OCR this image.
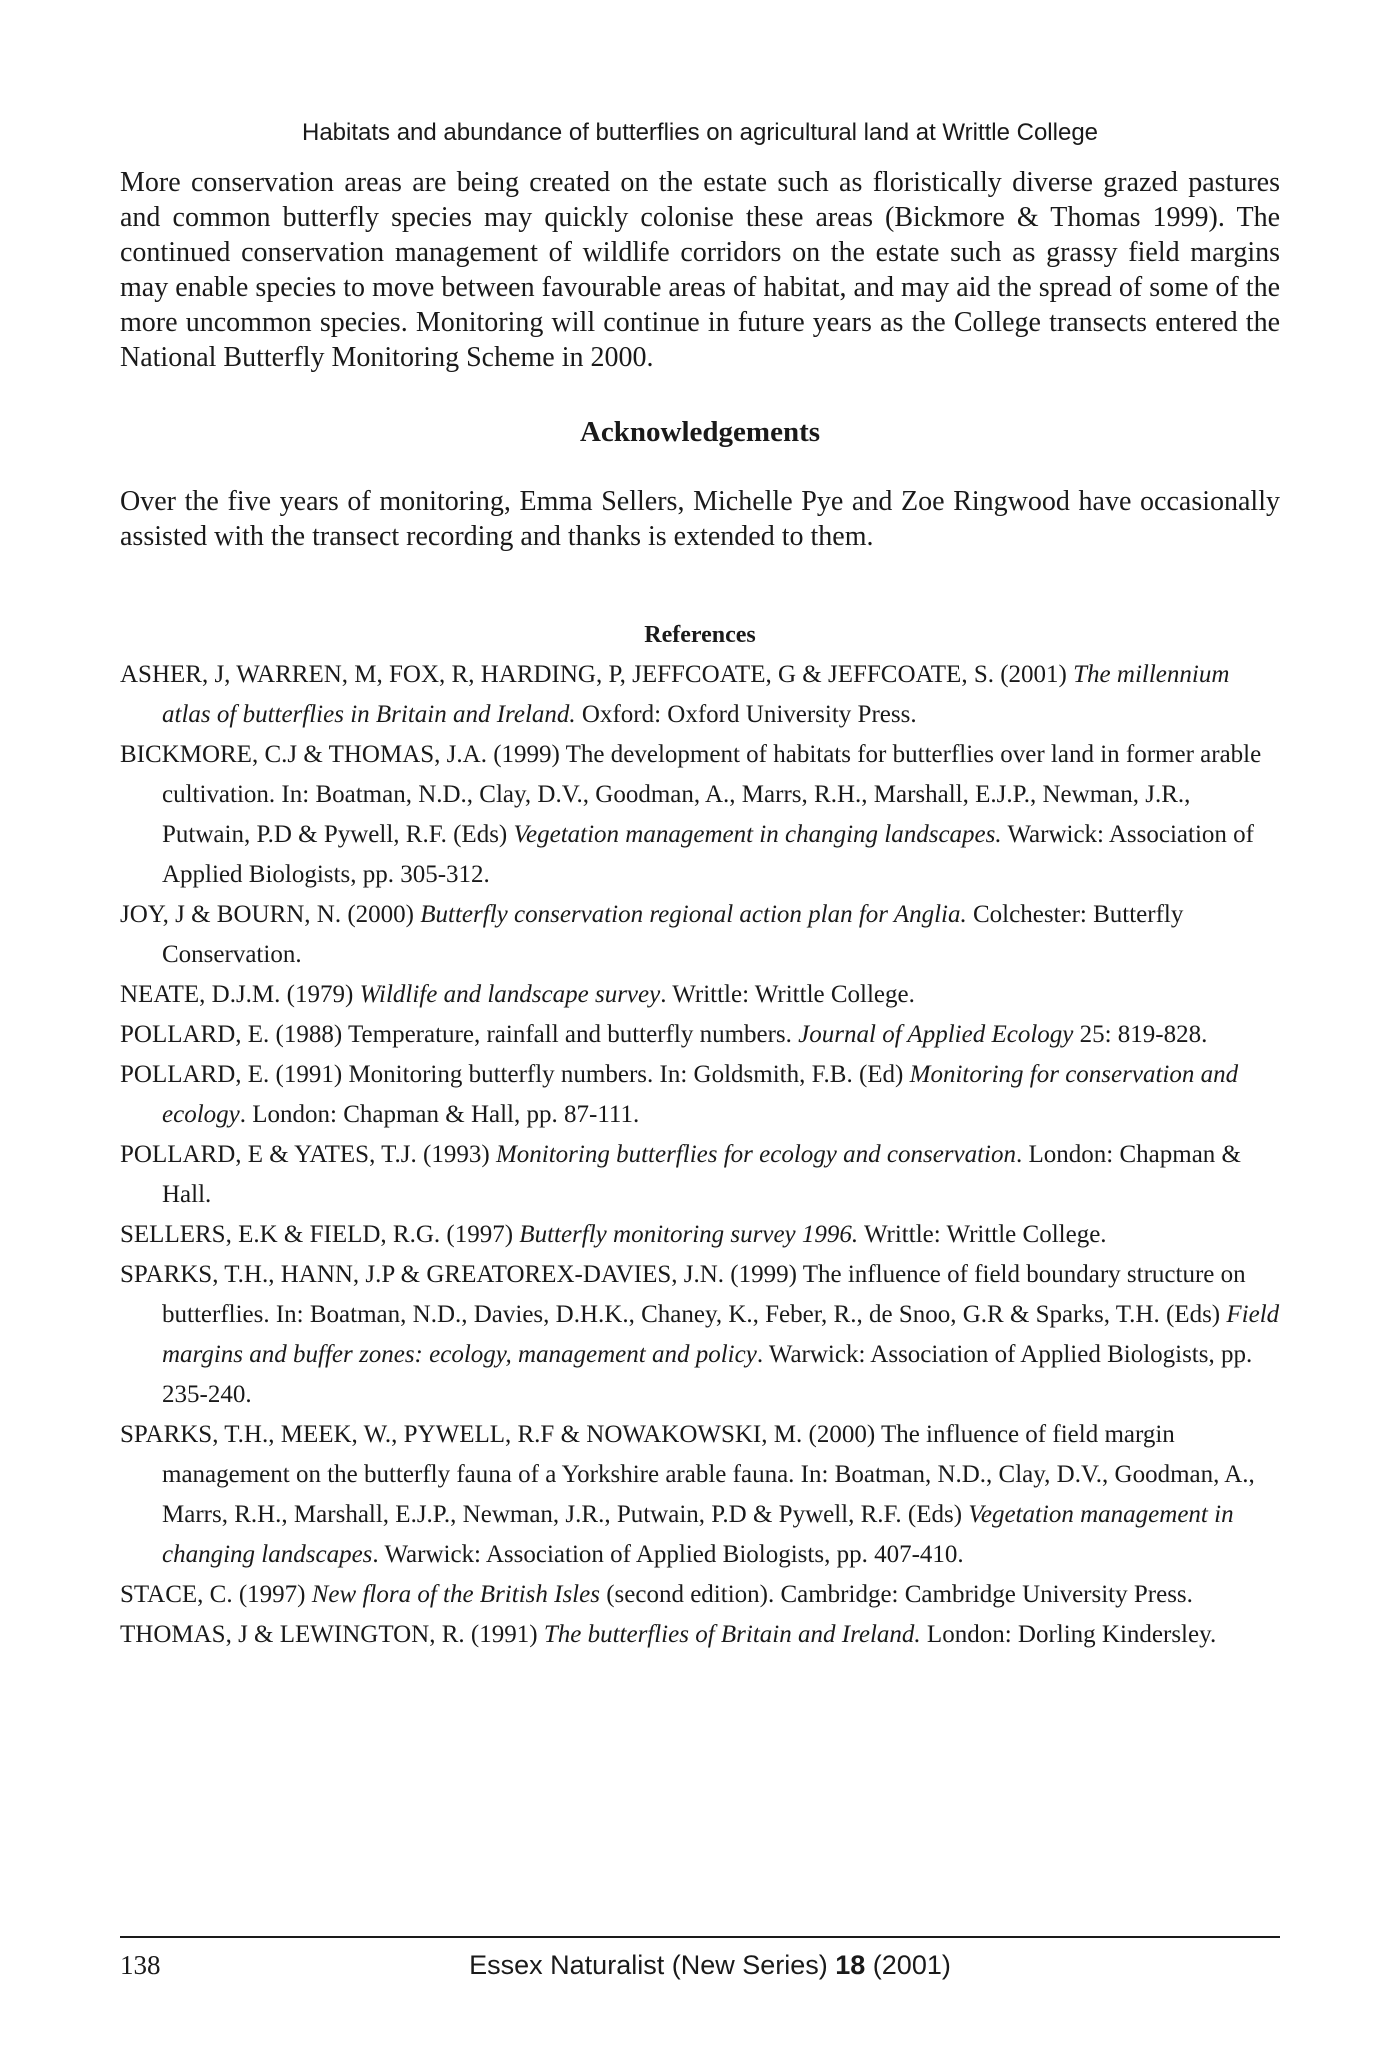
Habitats and abundance of butterflies on agricultural land at Writtle College

More conservation areas are being created on the estate such as floristically diverse grazed pastures and common butterfly species may quickly colonise these areas (Bickmore & Thomas 1999). The continued conservation management of wildlife corridors on the estate such as grassy field margins may enable species to move between favourable areas of habitat, and may aid the spread of some of the more uncommon species. Monitoring will continue in future years as the College transects entered the National Butterfly Monitoring Scheme in 2000.

Acknowledgements

Over the five years of monitoring, Emma Sellers, Michelle Pye and Zoe Ringwood have occasionally assisted with the transect recording and thanks is extended to them.

References
ASHER, J, WARREN, M, FOX, R, HARDING, P, JEFFCOATE, G & JEFFCOATE, S. (2001) The millennium atlas of butterflies in Britain and Ireland. Oxford: Oxford University Press.
BICKMORE, C.J & THOMAS, J.A. (1999) The development of habitats for butterflies over land in former arable cultivation. In: Boatman, N.D., Clay, D.V., Goodman, A., Marrs, R.H., Marshall, E.J.P., Newman, J.R., Putwain, P.D & Pywell, R.F. (Eds) Vegetation management in changing landscapes. Warwick: Association of Applied Biologists, pp. 305-312.
JOY, J & BOURN, N. (2000) Butterfly conservation regional action plan for Anglia. Colchester: Butterfly Conservation.
NEATE, D.J.M. (1979) Wildlife and landscape survey. Writtle: Writtle College.
POLLARD, E. (1988) Temperature, rainfall and butterfly numbers. Journal of Applied Ecology 25: 819-828.
POLLARD, E. (1991) Monitoring butterfly numbers. In: Goldsmith, F.B. (Ed) Monitoring for conservation and ecology. London: Chapman & Hall, pp. 87-111.
POLLARD, E & YATES, T.J. (1993) Monitoring butterflies for ecology and conservation. London: Chapman & Hall.
SELLERS, E.K & FIELD, R.G. (1997) Butterfly monitoring survey 1996. Writtle: Writtle College.
SPARKS, T.H., HANN, J.P & GREATOREX-DAVIES, J.N. (1999) The influence of field boundary structure on butterflies. In: Boatman, N.D., Davies, D.H.K., Chaney, K., Feber, R., de Snoo, G.R & Sparks, T.H. (Eds) Field margins and buffer zones: ecology, management and policy. Warwick: Association of Applied Biologists, pp. 235-240.
SPARKS, T.H., MEEK, W., PYWELL, R.F & NOWAKOWSKI, M. (2000) The influence of field margin management on the butterfly fauna of a Yorkshire arable fauna. In: Boatman, N.D., Clay, D.V., Goodman, A., Marrs, R.H., Marshall, E.J.P., Newman, J.R., Putwain, P.D & Pywell, R.F. (Eds) Vegetation management in changing landscapes. Warwick: Association of Applied Biologists, pp. 407-410.
STACE, C. (1997) New flora of the British Isles (second edition). Cambridge: Cambridge University Press.
THOMAS, J & LEWINGTON, R. (1991) The butterflies of Britain and Ireland. London: Dorling Kindersley.
138	Essex Naturalist (New Series) 18 (2001)
